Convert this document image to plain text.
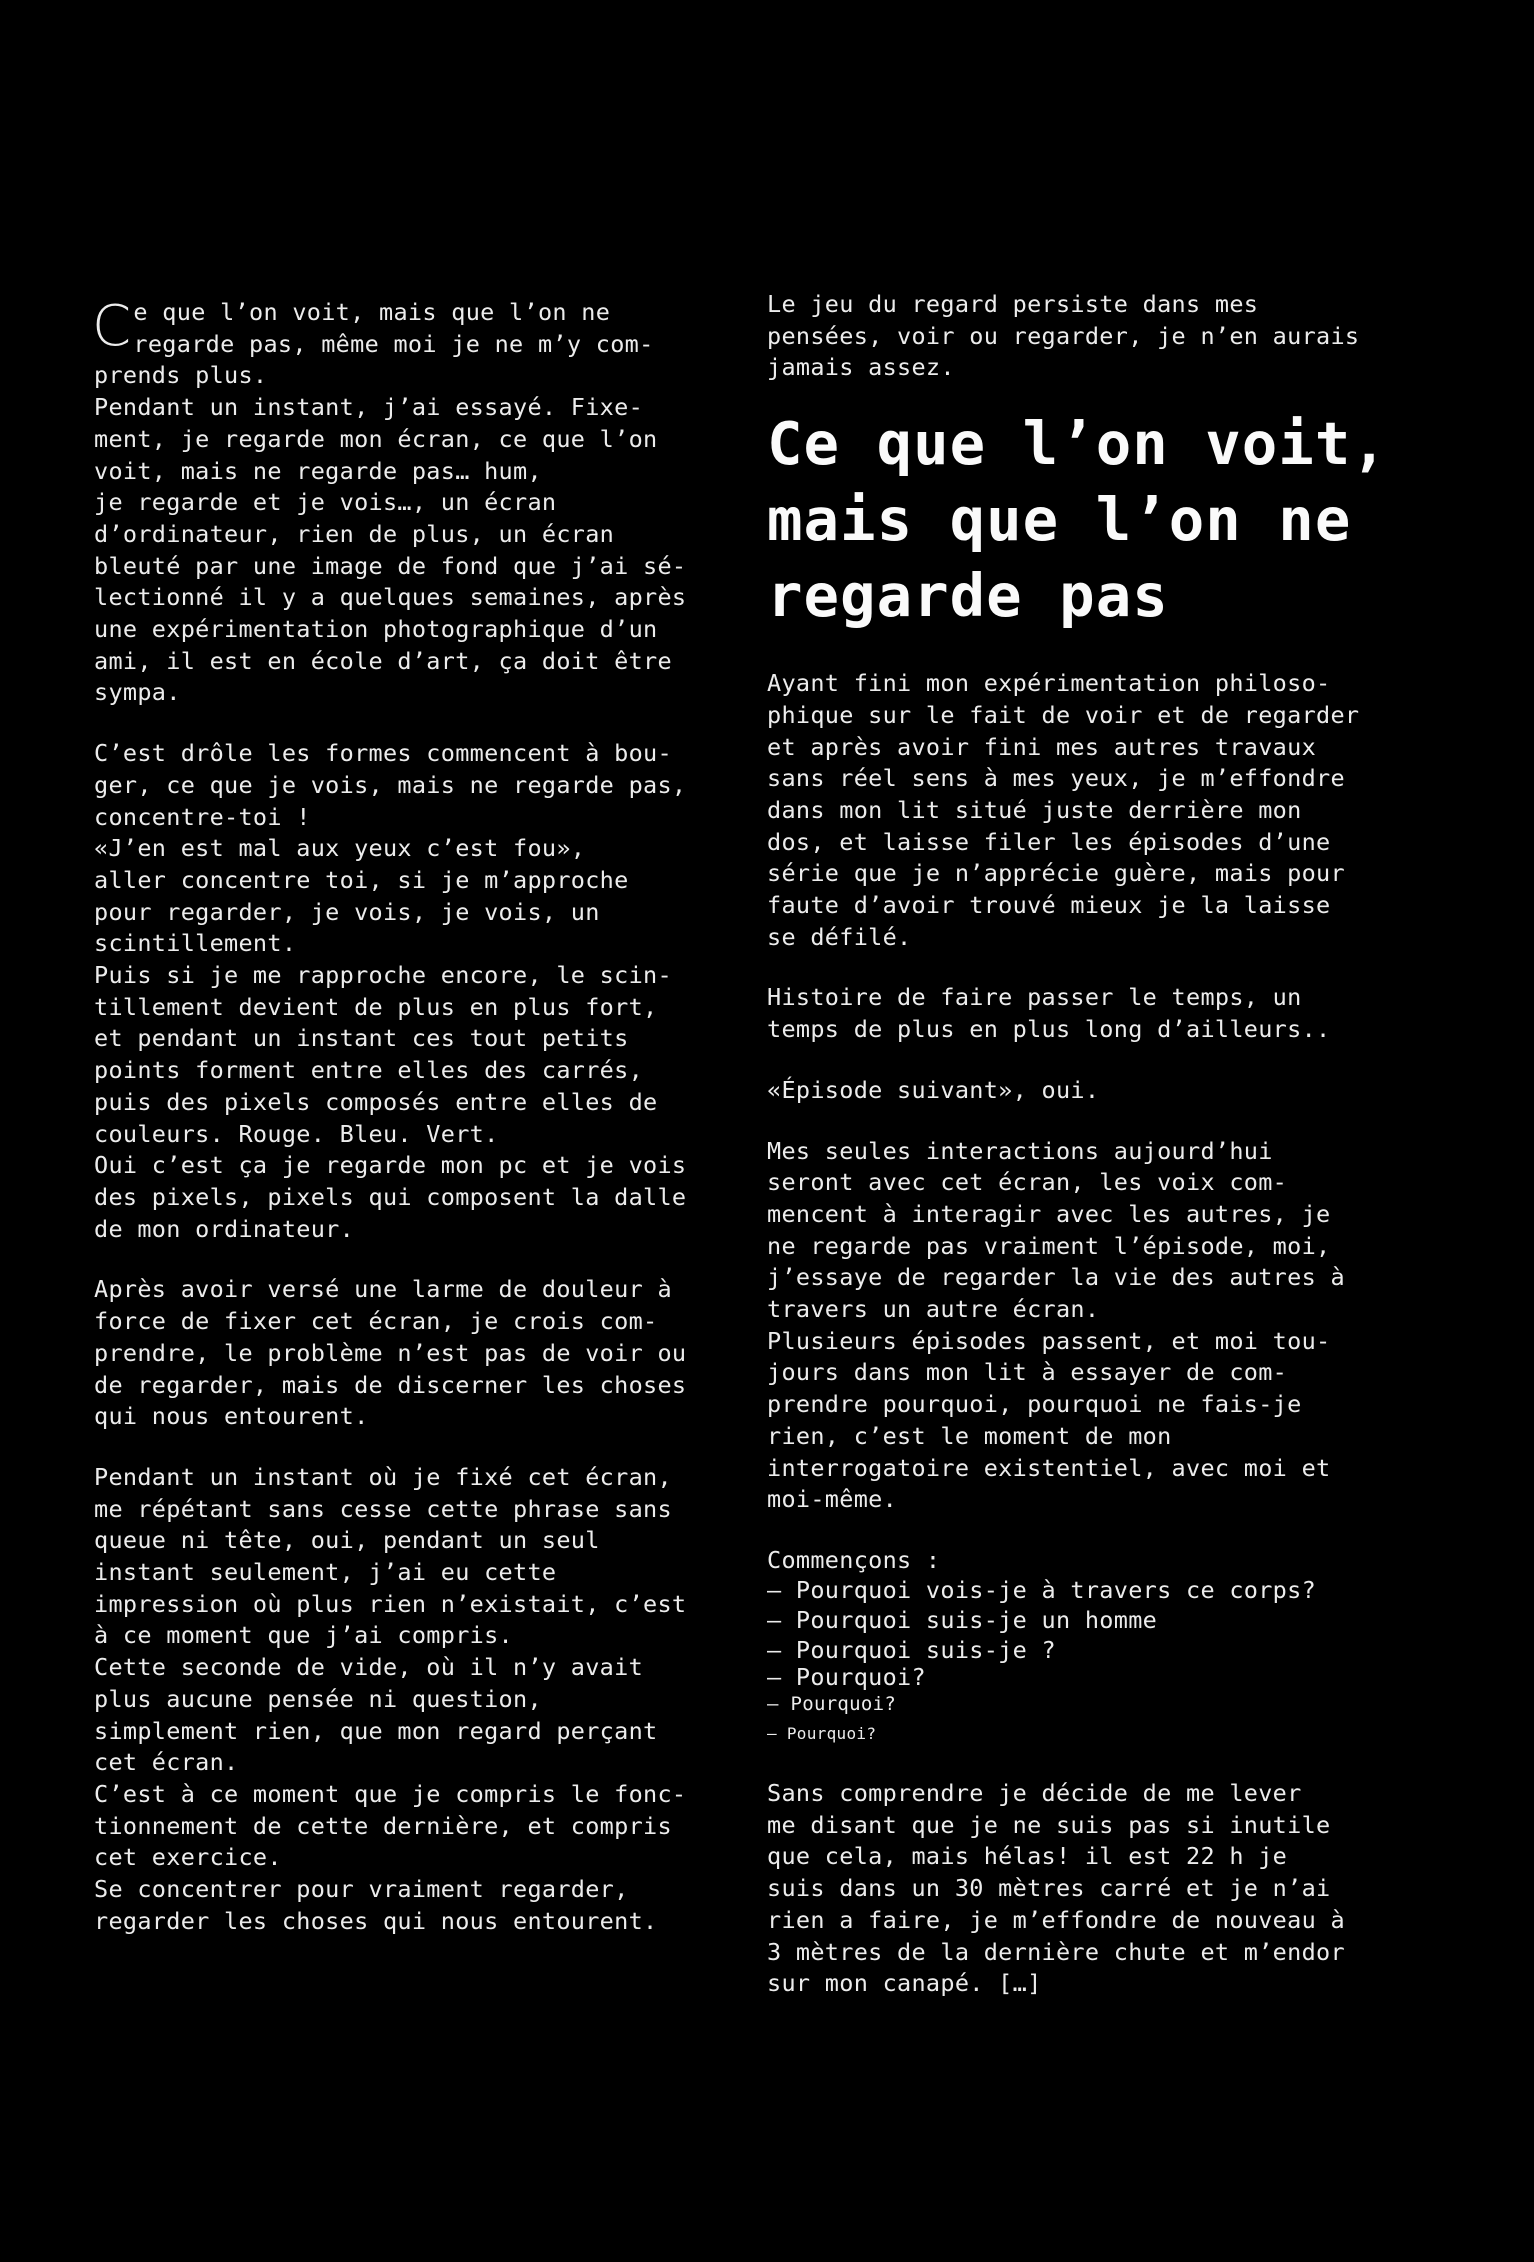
C e que l’on voit, mais que l’on ne
regarde pas, même moi je ne m’y com-
prends plus.
Pendant un instant, j’ai essayé. Fixe-
ment, je regarde mon écran, ce que l’on
voit, mais ne regarde pas… hum,
je regarde et je vois…, un écran
d’ordinateur, rien de plus, un écran
bleuté par une image de fond que j’ai sé-
lectionné il y a quelques semaines, après
une expérimentation photographique d’un
ami, il est en école d’art, ça doit être
sympa.
C’est drôle les formes commencent à bou-
ger, ce que je vois, mais ne regarde pas,
concentre-toi !
«J’en est mal aux yeux c’est fou»,
aller concentre toi, si je m’approche
pour regarder, je vois, je vois, un
scintillement.
Puis si je me rapproche encore, le scin-
tillement devient de plus en plus fort,
et pendant un instant ces tout petits
points forment entre elles des carrés,
puis des pixels composés entre elles de
couleurs. Rouge. Bleu. Vert.
Oui c’est ça je regarde mon pc et je vois
des pixels, pixels qui composent la dalle
de mon ordinateur.
Après avoir versé une larme de douleur à
force de fixer cet écran, je crois com-
prendre, le problème n’est pas de voir ou
de regarder, mais de discerner les choses
qui nous entourent.
Pendant un instant où je fixé cet écran,
me répétant sans cesse cette phrase sans
queue ni tête, oui, pendant un seul
instant seulement, j’ai eu cette
impression où plus rien n’existait, c’est
à ce moment que j’ai compris.
Cette seconde de vide, où il n’y avait
plus aucune pensée ni question,
simplement rien, que mon regard perçant
cet écran.
C’est à ce moment que je compris le fonc-
tionnement de cette dernière, et compris
cet exercice.
Se concentrer pour vraiment regarder,
regarder les choses qui nous entourent.
Le jeu du regard persiste dans mes
pensées, voir ou regarder, je n’en aurais
jamais assez.
Ce que l’on voit,
mais que l’on ne
regarde pas
Ayant fini mon expérimentation philoso-
phique sur le fait de voir et de regarder
et après avoir fini mes autres travaux
sans réel sens à mes yeux, je m’effondre
dans mon lit situé juste derrière mon
dos, et laisse filer les épisodes d’une
série que je n’apprécie guère, mais pour
faute d’avoir trouvé mieux je la laisse
se défilé.
Histoire de faire passer le temps, un
temps de plus en plus long d’ailleurs..
«Épisode suivant», oui.
Mes seules interactions aujourd’hui
seront avec cet écran, les voix com-
mencent à interagir avec les autres, je
ne regarde pas vraiment l’épisode, moi,
j’essaye de regarder la vie des autres à
travers un autre écran.
Plusieurs épisodes passent, et moi tou-
jours dans mon lit à essayer de com-
prendre pourquoi, pourquoi ne fais-je
rien, c’est le moment de mon
interrogatoire existentiel, avec moi et
moi-même.
Commençons :
– Pourquoi vois-je à travers ce corps?
– Pourquoi suis-je un homme
– Pourquoi suis-je ?
– Pourquoi?
– Pourquoi?
– Pourquoi?
Sans comprendre je décide de me lever
me disant que je ne suis pas si inutile
que cela, mais hélas! il est 22 h je
suis dans un 30 mètres carré et je n’ai
rien a faire, je m’effondre de nouveau à
3 mètres de la dernière chute et m’endor
sur mon canapé. […]
